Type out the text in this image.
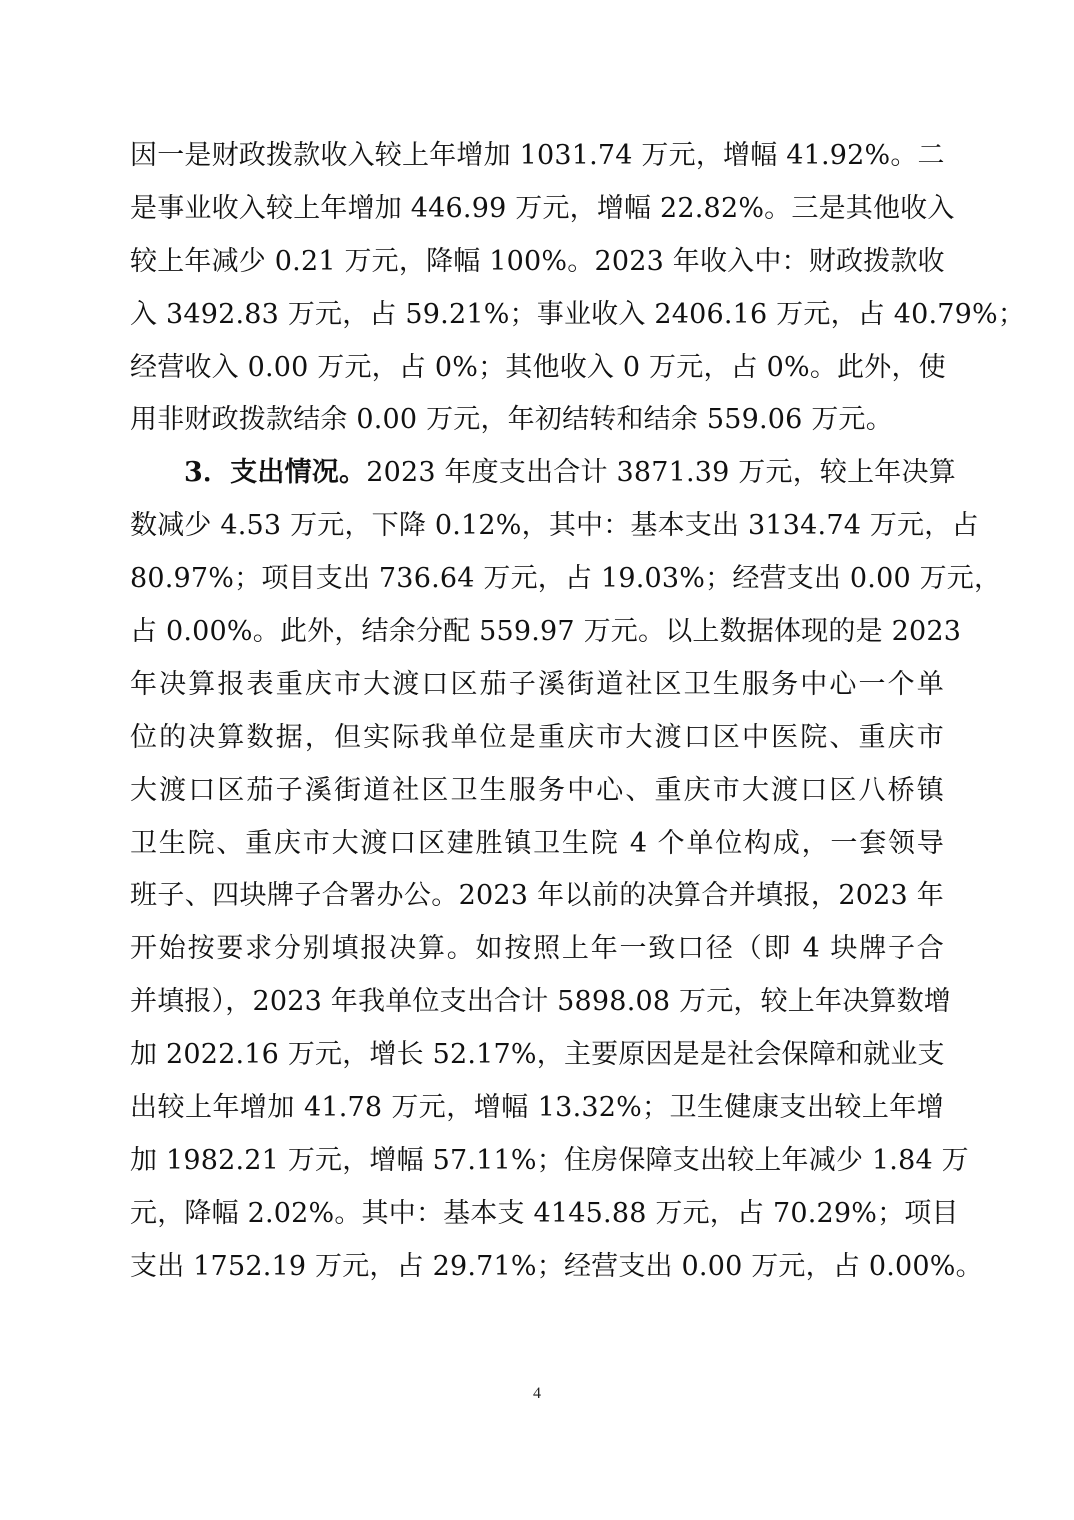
因一是财政拨款收入较上年增加 1031.74 万元，增幅 41.92%。二
是事业收入较上年增加 446.99 万元，增幅 22.82%。三是其他收入
较上年减少 0.21 万元，降幅 100%。2023 年收入中：财政拨款收
入 3492.83 万元，占 59.21%；事业收入 2406.16 万元，占 40.79%；
经营收入 0.00 万元，占 0%；其他收入 0 万元，占 0%。此外，使
用非财政拨款结余 0.00 万元，年初结转和结余 559.06 万元。
3．支出情况。2023 年度支出合计 3871.39 万元，较上年决算
数减少 4.53 万元，下降 0.12%，其中：基本支出 3134.74 万元，占
80.97%；项目支出 736.64 万元，占 19.03%；经营支出 0.00 万元，
占 0.00%。此外，结余分配 559.97 万元。以上数据体现的是 2023
年决算报表重庆市大渡口区茄子溪街道社区卫生服务中心一个单
位的决算数据，但实际我单位是重庆市大渡口区中医院、重庆市
大渡口区茄子溪街道社区卫生服务中心、重庆市大渡口区八桥镇
卫生院、重庆市大渡口区建胜镇卫生院 4 个单位构成，一套领导
班子、四块牌子合署办公。2023 年以前的决算合并填报，2023 年
开始按要求分别填报决算。如按照上年一致口径（即 4 块牌子合
并填报），2023 年我单位支出合计 5898.08 万元，较上年决算数增
加 2022.16 万元，增长 52.17%，主要原因是是社会保障和就业支
出较上年增加 41.78 万元，增幅 13.32%；卫生健康支出较上年增
加 1982.21 万元，增幅 57.11%；住房保障支出较上年减少 1.84 万
元，降幅 2.02%。其中：基本支 4145.88 万元，占 70.29%；项目
支出 1752.19 万元，占 29.71%；经营支出 0.00 万元，占 0.00%。
4
